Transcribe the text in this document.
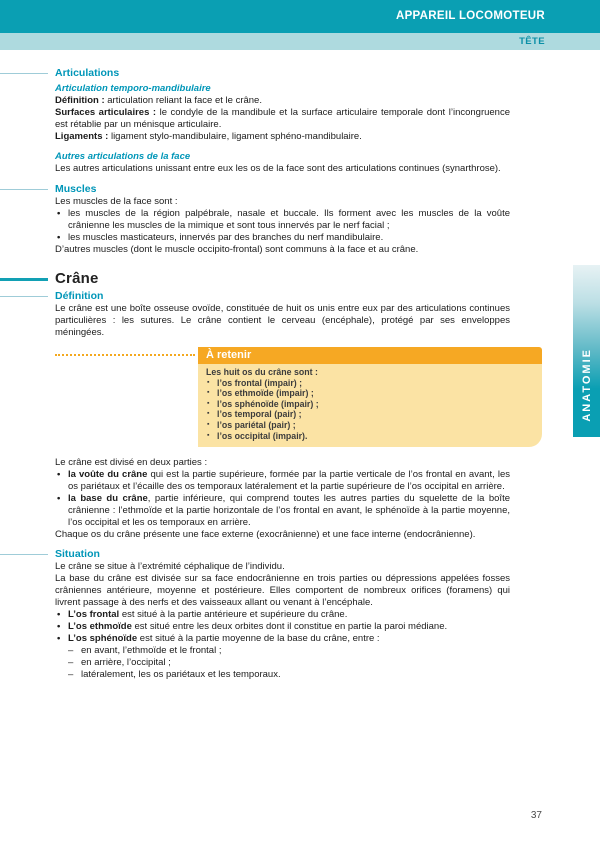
APPAREIL LOCOMOTEUR
TÊTE
ANATOMIE
Articulations
Articulation temporo-mandibulaire

Définition : articulation reliant la face et le crâne.

Surfaces articulaires : le condyle de la mandibule et la surface articulaire temporale dont l’incongruence est rétablie par un ménisque articulaire.

Ligaments : ligament stylo-mandibulaire, ligament sphéno-mandibulaire.

Autres articulations de la face

Les autres articulations unissant entre eux les os de la face sont des articulations continues (synarthrose).

Muscles

Les muscles de la face sont :

• les muscles de la région palpébrale, nasale et buccale. Ils forment avec les muscles de la voûte crânienne les muscles de la mimique et sont tous innervés par le nerf facial ;
• les muscles masticateurs, innervés par des branches du nerf mandibulaire.

D’autres muscles (dont le muscle occipito-frontal) sont communs à la face et au crâne.

Crâne
Définition

Le crâne est une boîte osseuse ovoïde, constituée de huit os unis entre eux par des articulations continues particulières : les sutures. Le crâne contient le cerveau (encéphale), protégé par ses enveloppes méningées.

À retenir

Les huit os du crâne sont :

▪ l’os frontal (impair) ;
▪ l’os ethmoïde (impair) ;
▪ l’os sphénoïde (impair) ;
▪ l’os temporal (pair) ;
▪ l’os pariétal (pair) ;
▪ l’os occipital (impair).

Le crâne est divisé en deux parties :

• la voûte du crâne qui est la partie supérieure, formée par la partie verticale de l’os frontal en avant, les os pariétaux et l’écaille des os temporaux latéralement et la partie supérieure de l’os occipital en arrière.
• la base du crâne, partie inférieure, qui comprend toutes les autres parties du squelette de la boîte crânienne : l’ethmoïde et la partie horizontale de l’os frontal en avant, le sphénoïde à la partie moyenne, l’os occipital et les os temporaux en arrière.

Chaque os du crâne présente une face externe (exocrânienne) et une face interne (endocrânienne).

Situation

Le crâne se situe à l’extrémité céphalique de l’individu.

La base du crâne est divisée sur sa face endocrânienne en trois parties ou dépressions appelées fosses crâniennes antérieure, moyenne et postérieure. Elles comportent de nombreux orifices (foramens) qui livrent passage à des nerfs et des vaisseaux allant ou venant à l’encéphale.

• L’os frontal est situé à la partie antérieure et supérieure du crâne.
• L’os ethmoïde est situé entre les deux orbites dont il constitue en partie la paroi médiane.
• L’os sphénoïde est situé à la partie moyenne de la base du crâne, entre :
– en avant, l’ethmoïde et le frontal ;
– en arrière, l’occipital ;
– latéralement, les os pariétaux et les temporaux.
37
